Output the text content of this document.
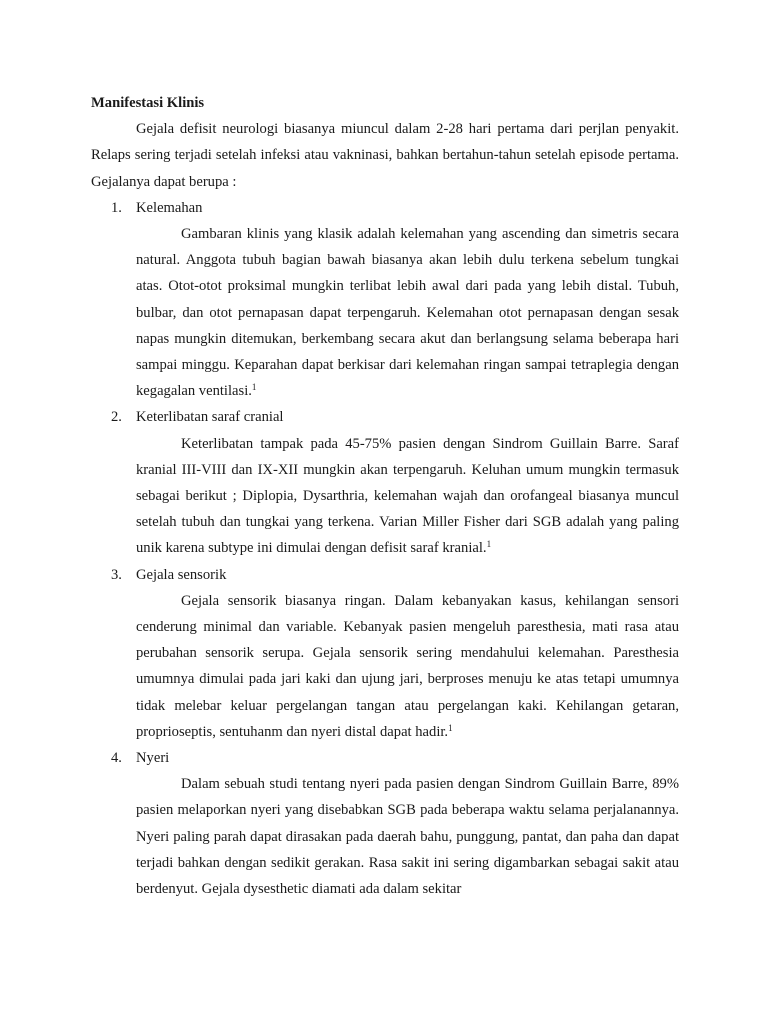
Manifestasi Klinis

Gejala defisit neurologi biasanya miuncul dalam 2-28 hari pertama dari perjlan penyakit. Relaps sering terjadi setelah infeksi atau vakninasi, bahkan bertahun-tahun setelah episode pertama. Gejalanya dapat berupa :

1. Kelemahan

Gambaran klinis yang klasik adalah kelemahan yang ascending dan simetris secara natural. Anggota tubuh bagian bawah biasanya akan lebih dulu terkena sebelum tungkai atas. Otot-otot proksimal mungkin terlibat lebih awal dari pada yang lebih distal. Tubuh, bulbar, dan otot pernapasan dapat terpengaruh. Kelemahan otot pernapasan dengan sesak napas mungkin ditemukan, berkembang secara akut dan berlangsung selama beberapa hari sampai minggu. Keparahan dapat berkisar dari kelemahan ringan sampai tetraplegia dengan kegagalan ventilasi.$^1$

2. Keterlibatan saraf cranial

Keterlibatan tampak pada 45-75% pasien dengan Sindrom Guillain Barre. Saraf kranial III-VIII dan IX-XII mungkin akan terpengaruh. Keluhan umum mungkin termasuk sebagai berikut ; Diplopia, Dysarthria, kelemahan wajah dan orofangeal biasanya muncul setelah tubuh dan tungkai yang terkena. Varian Miller Fisher dari SGB adalah yang paling unik karena subtype ini dimulai dengan defisit saraf kranial.$^1$

3. Gejala sensorik

Gejala sensorik biasanya ringan. Dalam kebanyakan kasus, kehilangan sensori cenderung minimal dan variable. Kebanyak pasien mengeluh paresthesia, mati rasa atau perubahan sensorik serupa. Gejala sensorik sering mendahului kelemahan. Paresthesia umumnya dimulai pada jari kaki dan ujung jari, berproses menuju ke atas tetapi umumnya tidak melebar keluar pergelangan tangan atau pergelangan kaki. Kehilangan getaran, proprioseptis, sentuhanm dan nyeri distal dapat hadir.$^1$

4. Nyeri

Dalam sebuah studi tentang nyeri pada pasien dengan Sindrom Guillain Barre, 89% pasien melaporkan nyeri yang disebabkan SGB pada beberapa waktu selama perjalanannya. Nyeri paling parah dapat dirasakan pada daerah bahu, punggung, pantat, dan paha dan dapat terjadi bahkan dengan sedikit gerakan. Rasa sakit ini sering digambarkan sebagai sakit atau berdenyut. Gejala dysesthetic diamati ada dalam sekitar
